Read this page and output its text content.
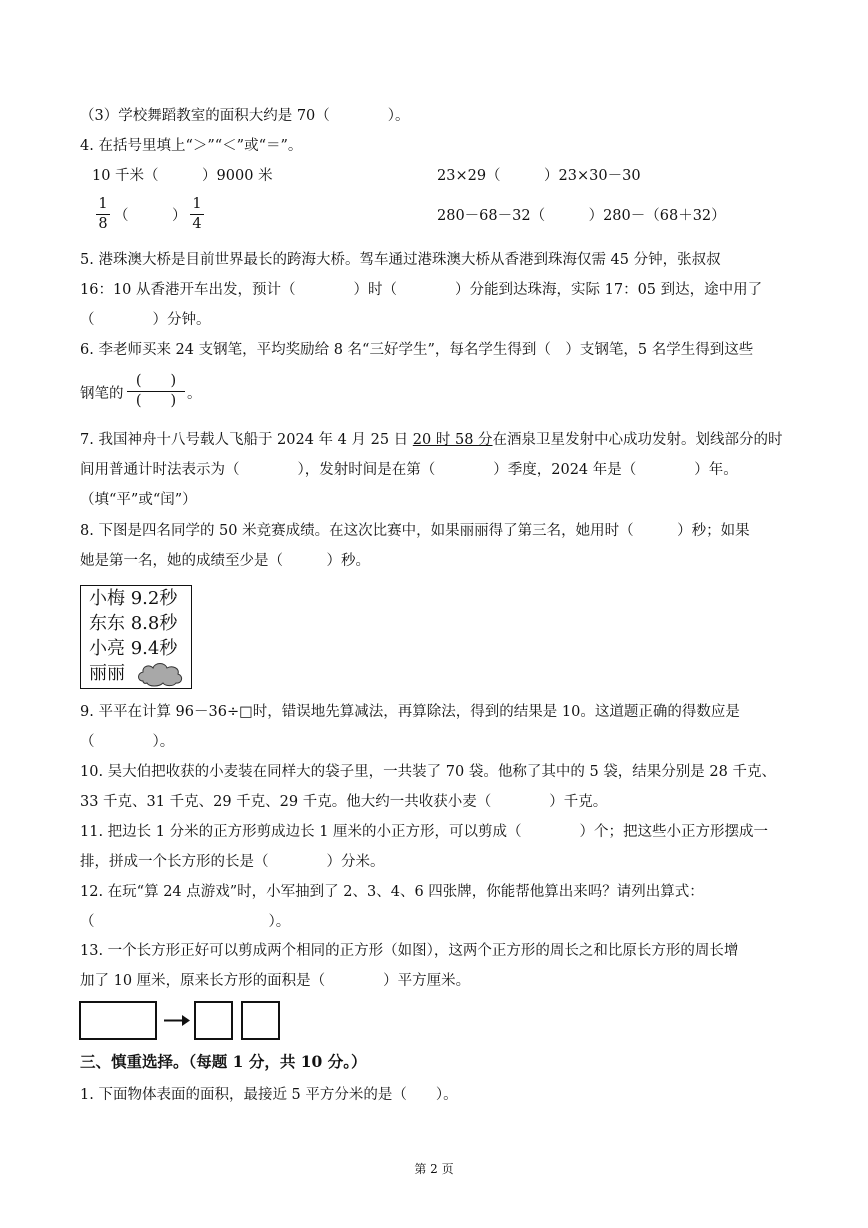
（3）学校舞蹈教室的面积大约是 70（　　　　）。
4. 在括号里填上“＞”“＜”或“＝”。
10 千米（　　　）9000 米	23×29（　　　）23×30－30
1
8 （　　　）
1
4	280－68－32（　　　）280－（68＋32）
5. 港珠澳大桥是目前世界最长的跨海大桥。驾车通过港珠澳大桥从香港到珠海仅需 45 分钟，张叔叔
16：10 从香港开车出发，预计（　　　　）时（　　　　）分能到达珠海，实际 17：05 到达，途中用了
（　　　　）分钟。
6. 李老师买来 24 支钢笔，平均奖励给 8 名“三好学生”，每名学生得到（　）支钢笔，5 名学生得到这些
钢笔的
(　　)
(　　) 。
7. 我国神舟十八号载人飞船于 2024 年 4 月 25 日 20 时 58 分在酒泉卫星发射中心成功发射。划线部分的时
间用普通计时法表示为（　　　　），发射时间是在第（　　　　）季度，2024 年是（　　　　）年。
（填“平”或“闰”）
8. 下图是四名同学的 50 米竞赛成绩。在这次比赛中，如果丽丽得了第三名，她用时（　　　）秒；如果
她是第一名，她的成绩至少是（　　　）秒。
小梅 9.2秒
东东 8.8秒
小亮 9.4秒
丽丽
9. 平平在计算 96－36÷□时，错误地先算减法，再算除法，得到的结果是 10。这道题正确的得数应是
（　　　　）。
10. 吴大伯把收获的小麦装在同样大的袋子里，一共装了 70 袋。他称了其中的 5 袋，结果分别是 28 千克、
33 千克、31 千克、29 千克、29 千克。他大约一共收获小麦（　　　　）千克。
11. 把边长 1 分米的正方形剪成边长 1 厘米的小正方形，可以剪成（　　　　）个；把这些小正方形摆成一
排，拼成一个长方形的长是（　　　　）分米。
12. 在玩“算 24 点游戏”时，小军抽到了 2、3、4、6 四张牌，你能帮他算出来吗？请列出算式：
（　　　　　　　　　　　　）。
13. 一个长方形正好可以剪成两个相同的正方形（如图），这两个正方形的周长之和比原长方形的周长增
加了 10 厘米，原来长方形的面积是（　　　　）平方厘米。
三、慎重选择。（每题 1 分，共 10 分。）
1. 下面物体表面的面积，最接近 5 平方分米的是（　　）。
第 2 页
